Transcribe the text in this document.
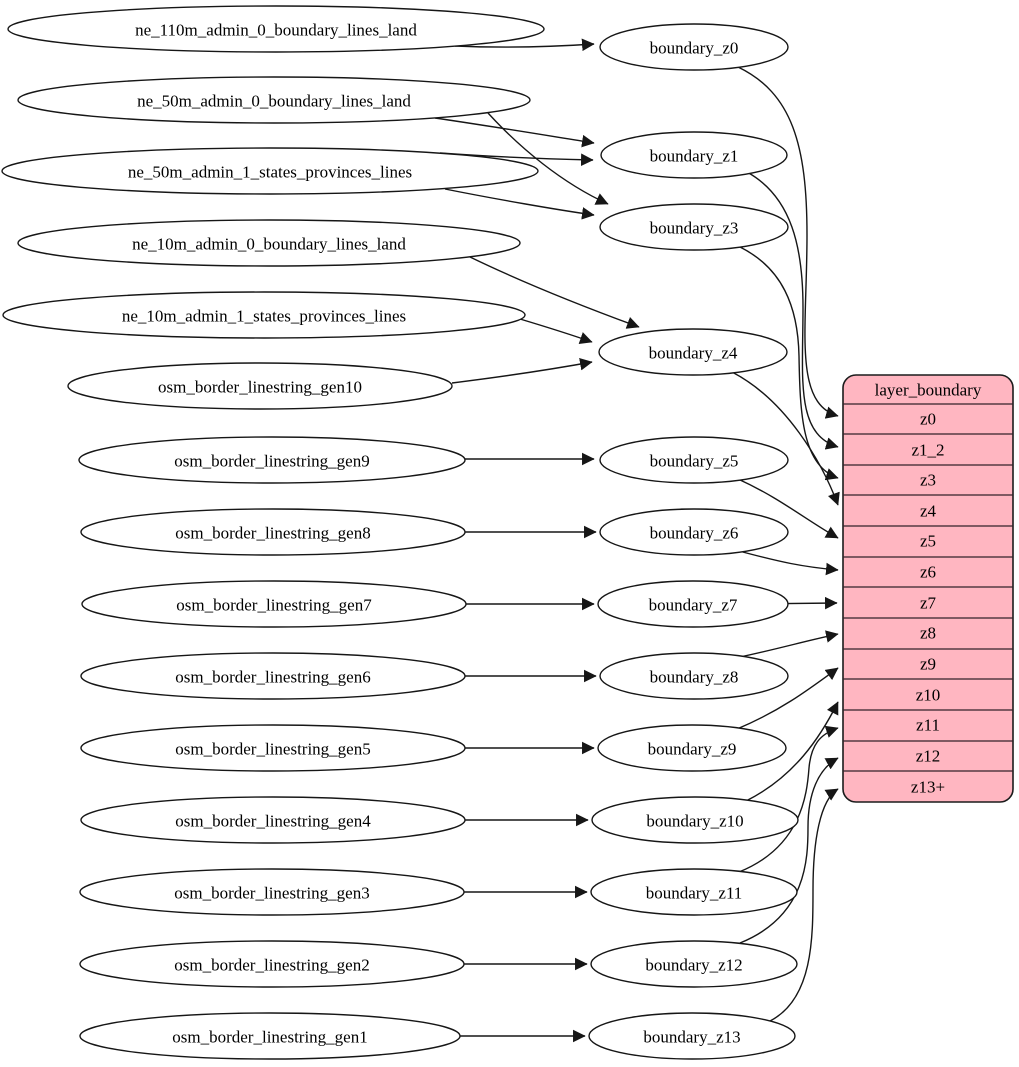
ne_110m_admin_0_boundary_lines_land
ne_50m_admin_0_boundary_lines_land
ne_50m_admin_1_states_provinces_lines
ne_10m_admin_0_boundary_lines_land
ne_10m_admin_1_states_provinces_lines
osm_border_linestring_gen10
osm_border_linestring_gen9
osm_border_linestring_gen8
osm_border_linestring_gen7
osm_border_linestring_gen6
osm_border_linestring_gen5
osm_border_linestring_gen4
osm_border_linestring_gen3
osm_border_linestring_gen2
osm_border_linestring_gen1
boundary_z0
boundary_z1
boundary_z3
boundary_z4
boundary_z5
boundary_z6
boundary_z7
boundary_z8
boundary_z9
boundary_z10
boundary_z11
boundary_z12
boundary_z13
layer_boundary
z0
z1_2
z3
z4
z5
z6
z7
z8
z9
z10
z11
z12
z13+
